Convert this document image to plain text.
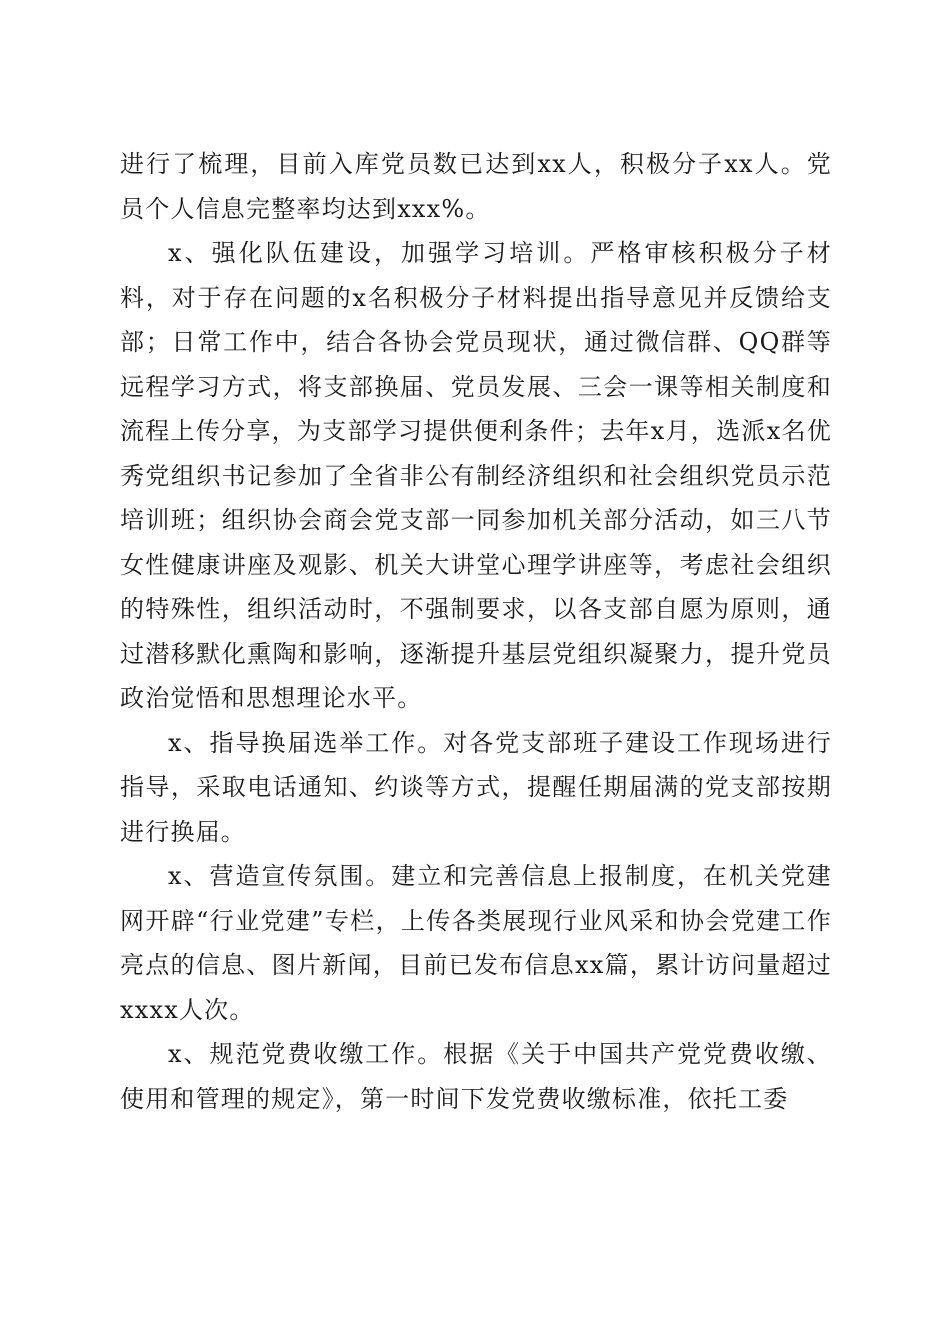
进行了梳理，目前入库党员数已达到xx人，积极分子xx人。党员个人信息完整率均达到xxx%。

x、强化队伍建设，加强学习培训。严格审核积极分子材料，对于存在问题的x名积极分子材料提出指导意见并反馈给支部；日常工作中，结合各协会党员现状，通过微信群、QQ群等远程学习方式，将支部换届、党员发展、三会一课等相关制度和流程上传分享，为支部学习提供便利条件；去年x月，选派x名优秀党组织书记参加了全省非公有制经济组织和社会组织党员示范培训班；组织协会商会党支部一同参加机关部分活动，如三八节女性健康讲座及观影、机关大讲堂心理学讲座等，考虑社会组织的特殊性，组织活动时，不强制要求，以各支部自愿为原则，通过潜移默化熏陶和影响，逐渐提升基层党组织凝聚力，提升党员政治觉悟和思想理论水平。

x、指导换届选举工作。对各党支部班子建设工作现场进行指导，采取电话通知、约谈等方式，提醒任期届满的党支部按期进行换届。

x、营造宣传氛围。建立和完善信息上报制度，在机关党建网开辟“行业党建”专栏，上传各类展现行业风采和协会党建工作亮点的信息、图片新闻，目前已发布信息xx篇，累计访问量超过xxxx人次。

x、规范党费收缴工作。根据《关于中国共产党党费收缴、使用和管理的规定》，第一时间下发党费收缴标准，依托工委
